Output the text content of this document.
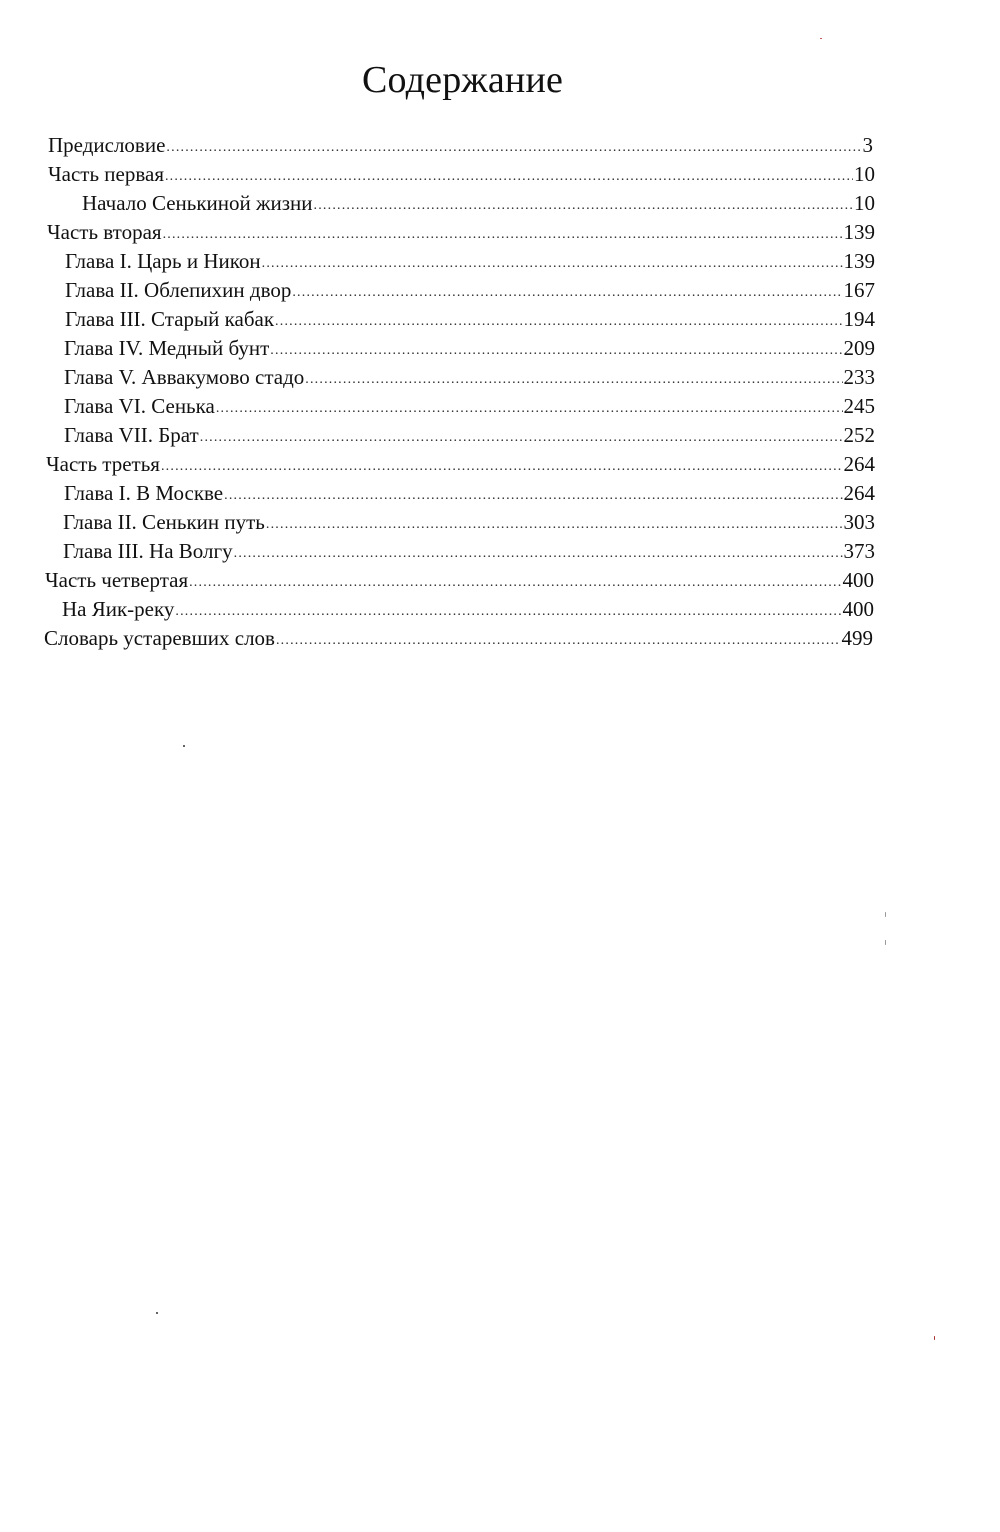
Содержание
Предисловие .....	3
Часть первая .....	10
Начало Сенькиной жизни .....	10
Часть вторая .....	139
Глава I. Царь и Никон .....	139
Глава II. Облепихин двор .....	167
Глава III. Старый кабак .....	194
Глава IV. Медный бунт .....	209
Глава V. Аввакумово стадо .....	233
Глава VI. Сенька .....	245
Глава VII. Брат .....	252
Часть третья .....	264
Глава I. В Москве .....	264
Глава II. Сенькин путь .....	303
Глава III. На Волгу .....	373
Часть четвертая .....	400
На Яик-реку .....	400
Словарь устаревших слов .....	499
